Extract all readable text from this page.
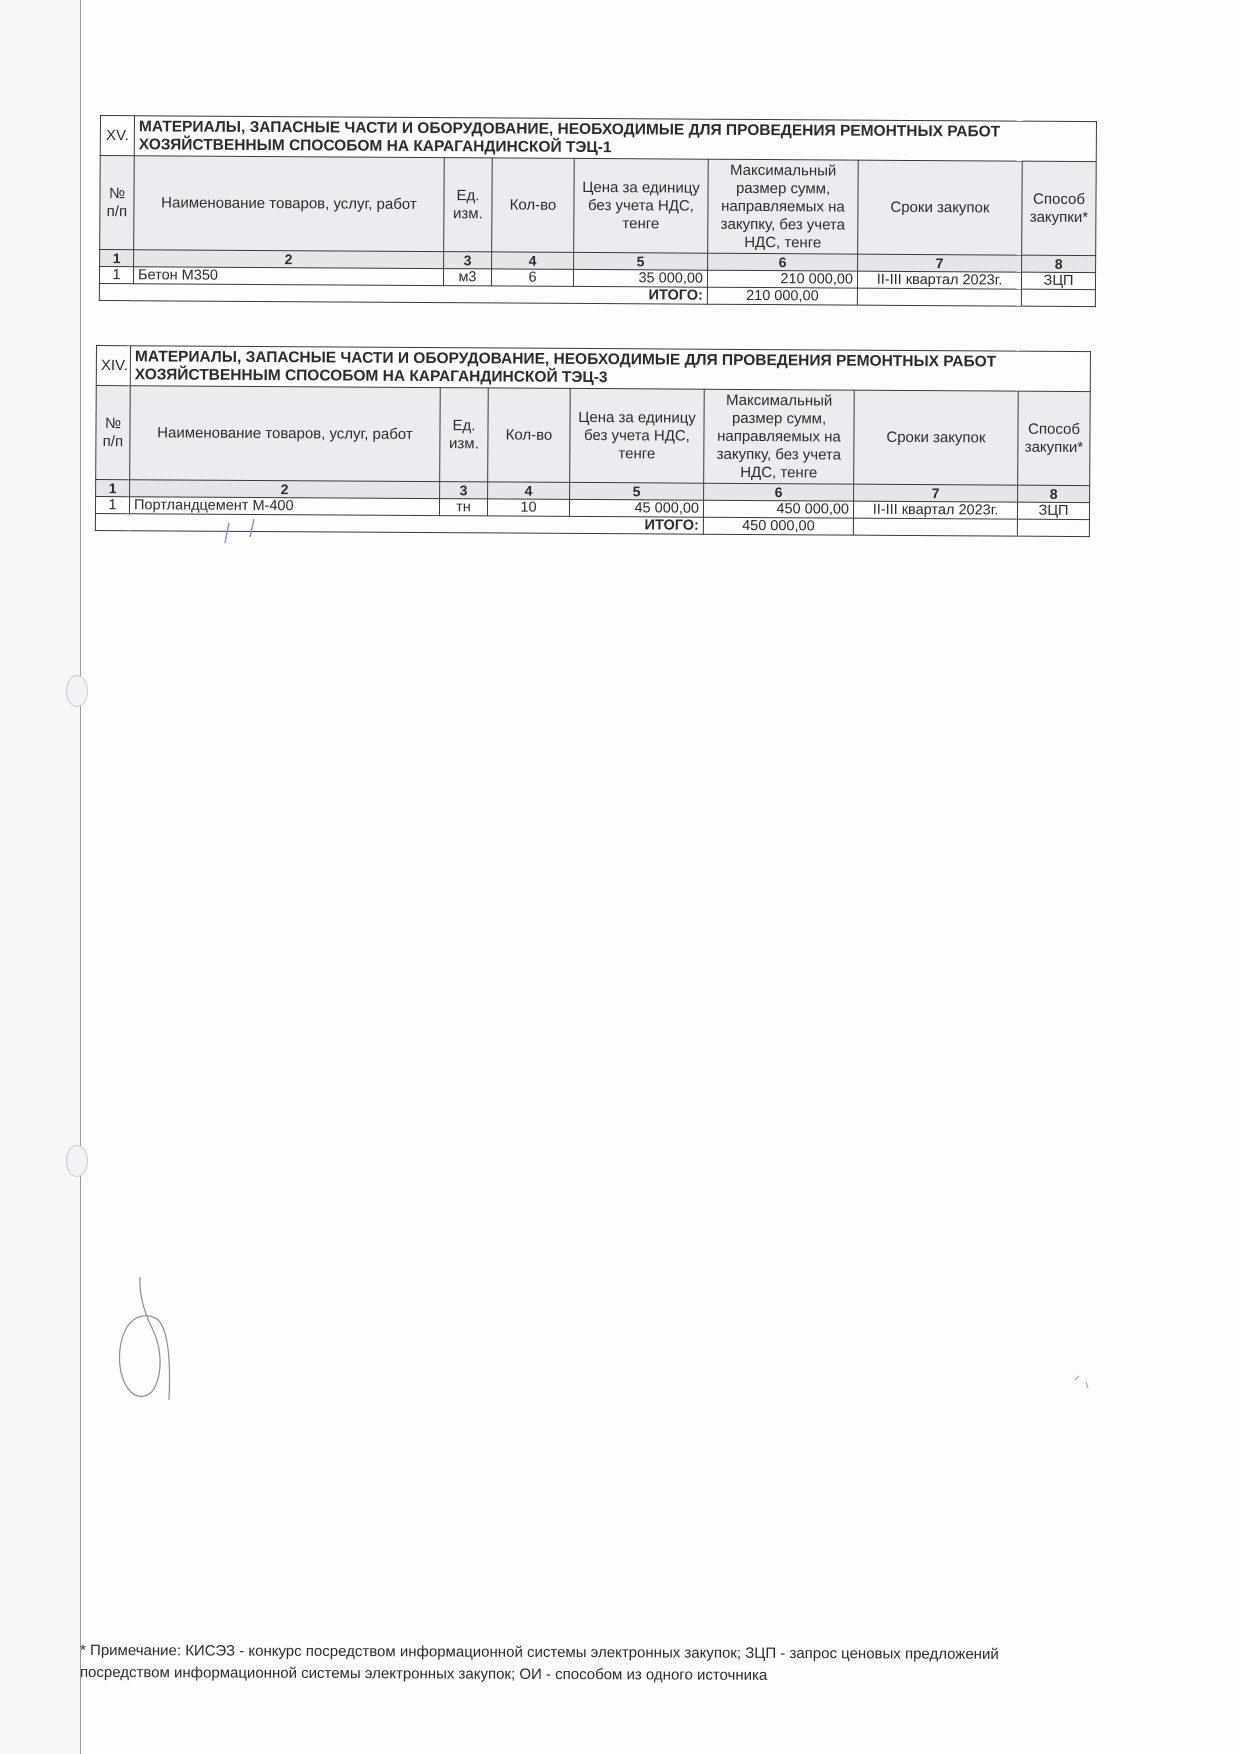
XV.	МАТЕРИАЛЫ, ЗАПАСНЫЕ ЧАСТИ И ОБОРУДОВАНИЕ, НЕОБХОДИМЫЕ ДЛЯ ПРОВЕДЕНИЯ РЕМОНТНЫХ РАБОТ ХОЗЯЙСТВЕННЫМ СПОСОБОМ НА КАРАГАНДИНСКОЙ ТЭЦ-1						
№ п/п	Наименование товаров, услуг, работ	Ед. изм.	Кол-во	Цена за единицу без учета НДС, тенге	Максимальный размер сумм, направляемых на закупку, без учета НДС, тенге	Сроки закупок	Способ закупки*
1	2	3	4	5	6	7	8
1	Бетон М350	м3	6	35 000,00	210 000,00	II-III квартал 2023г.	ЗЦП
ИТОГО:					210 000,00		
XIV.	МАТЕРИАЛЫ, ЗАПАСНЫЕ ЧАСТИ И ОБОРУДОВАНИЕ, НЕОБХОДИМЫЕ ДЛЯ ПРОВЕДЕНИЯ РЕМОНТНЫХ РАБОТ ХОЗЯЙСТВЕННЫМ СПОСОБОМ НА КАРАГАНДИНСКОЙ ТЭЦ-3						
№ п/п	Наименование товаров, услуг, работ	Ед. изм.	Кол-во	Цена за единицу без учета НДС, тенге	Максимальный размер сумм, направляемых на закупку, без учета НДС, тенге	Сроки закупок	Способ закупки*
1	2	3	4	5	6	7	8
1	Портландцемент М-400	тн	10	45 000,00	450 000,00	II-III квартал 2023г.	ЗЦП
ИТОГО:					450 000,00		
* Примечание: КИСЭЗ - конкурс посредством информационной системы электронных закупок; ЗЦП - запрос ценовых предложений посредством информационной системы электронных закупок; ОИ - способом из одного источника
